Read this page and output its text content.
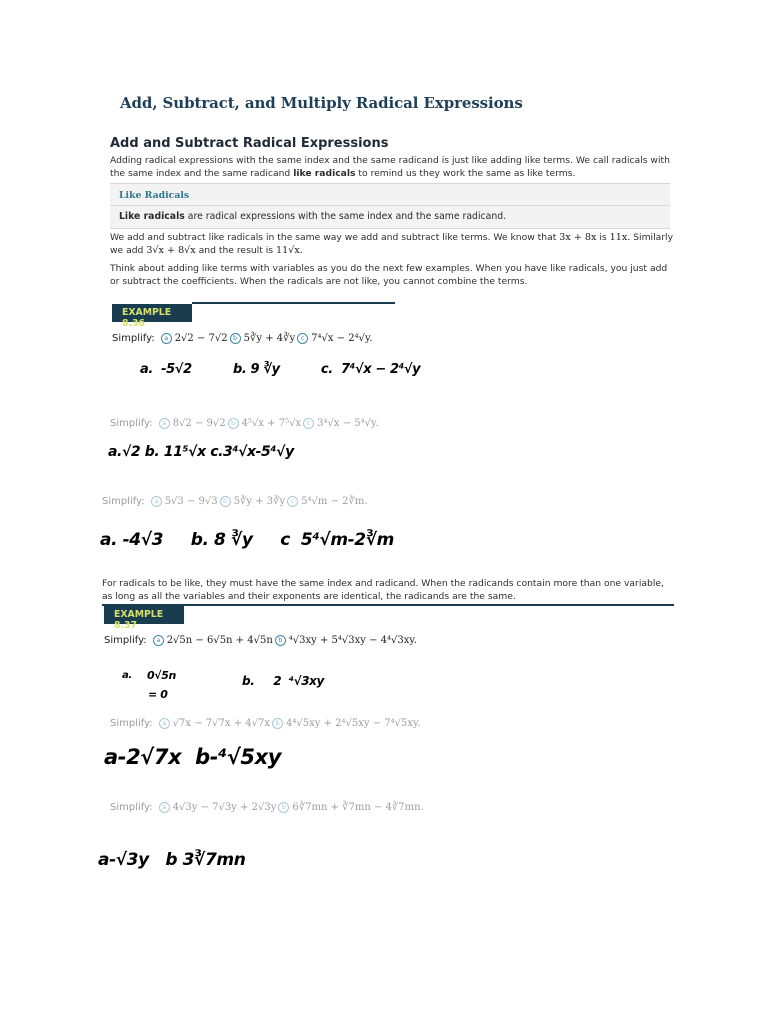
Add, Subtract, and Multiply Radical Expressions
Add and Subtract Radical Expressions
Adding radical expressions with the same index and the same radicand is just like adding like terms. We call radicals with the same index and the same radicand like radicals to remind us they work the same as like terms.
Like Radicals
Like radicals are radical expressions with the same index and the same radicand.
We add and subtract like radicals in the same way we add and subtract like terms. We know that 3x + 8x is 11x. Similarly we add 3√x + 8√x and the result is 11√x.
Think about adding like terms with variables as you do the next few examples. When you have like radicals, you just add or subtract the coefficients. When the radicals are not like, you cannot combine the terms.
EXAMPLE 8.36
Simplify: a 2√2 − 7√2 b 5∛y + 4∛y c 7⁴√x − 2⁴√y.
a.  -5√2          b. 9 ∛y          c.  7⁴√x − 2⁴√y
Simplify: a 8√2 − 9√2 b 4⁵√x + 7⁵√x c 3⁴√x − 5⁴√y.
a.√2 b. 11⁵√x c.3⁴√x-5⁴√y
Simplify: a 5√3 − 9√3 b 5∛y + 3∛y c 5⁴√m − 2∛m.
a. -4√3     b. 8 ∛y     c  5⁴√m-2∛m
For radicals to be like, they must have the same index and radicand. When the radicands contain more than one variable, as long as all the variables and their exponents are identical, the radicands are the same.
EXAMPLE 8.37
Simplify: a 2√5n − 6√5n + 4√5n b ⁴√3xy + 5⁴√3xy − 4⁴√3xy.
a. 0√5n
= 0
b.     2  ⁴√3xy
Simplify: a √7x − 7√7x + 4√7x b 4⁴√5xy + 2⁴√5xy − 7⁴√5xy.
a-2√7x  b-⁴√5xy
Simplify: a 4√3y − 7√3y + 2√3y b 6∛7mn + ∛7mn − 4∛7mn.
a-√3y   b 3∛7mn
